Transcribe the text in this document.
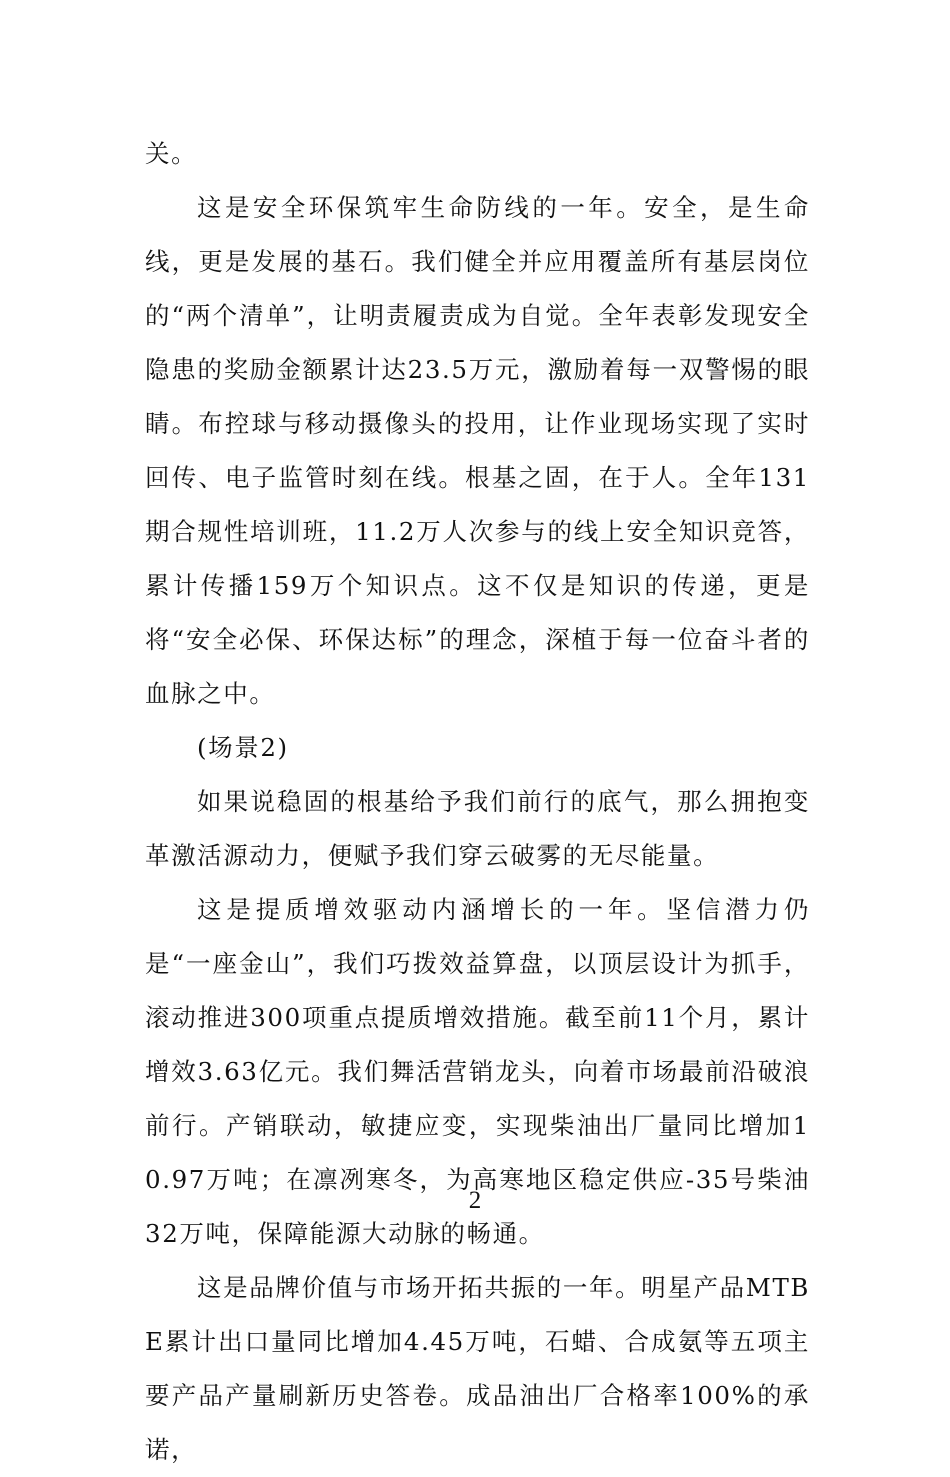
关。

这是安全环保筑牢生命防线的一年。安全，是生命线，更是发展的基石。我们健全并应用覆盖所有基层岗位的“两个清单”，让明责履责成为自觉。全年表彰发现安全隐患的奖励金额累计达23.5万元，激励着每一双警惕的眼睛。布控球与移动摄像头的投用，让作业现场实现了实时回传、电子监管时刻在线。根基之固，在于人。全年131期合规性培训班，11.2万人次参与的线上安全知识竞答，累计传播159万个知识点。这不仅是知识的传递，更是将“安全必保、环保达标”的理念，深植于每一位奋斗者的血脉之中。

(场景2)

如果说稳固的根基给予我们前行的底气，那么拥抱变革激活源动力，便赋予我们穿云破雾的无尽能量。

这是提质增效驱动内涵增长的一年。坚信潜力仍是“一座金山”，我们巧拨效益算盘，以顶层设计为抓手，滚动推进300项重点提质增效措施。截至前11个月，累计增效3.63亿元。我们舞活营销龙头，向着市场最前沿破浪前行。产销联动，敏捷应变，实现柴油出厂量同比增加10.97万吨；在凛冽寒冬，为高寒地区稳定供应-35号柴油32万吨，保障能源大动脉的畅通。

这是品牌价值与市场开拓共振的一年。明星产品MTBE累计出口量同比增加4.45万吨，石蜡、合成氨等五项主要产品产量刷新历史答卷。成品油出厂合格率100%的承诺，

2
